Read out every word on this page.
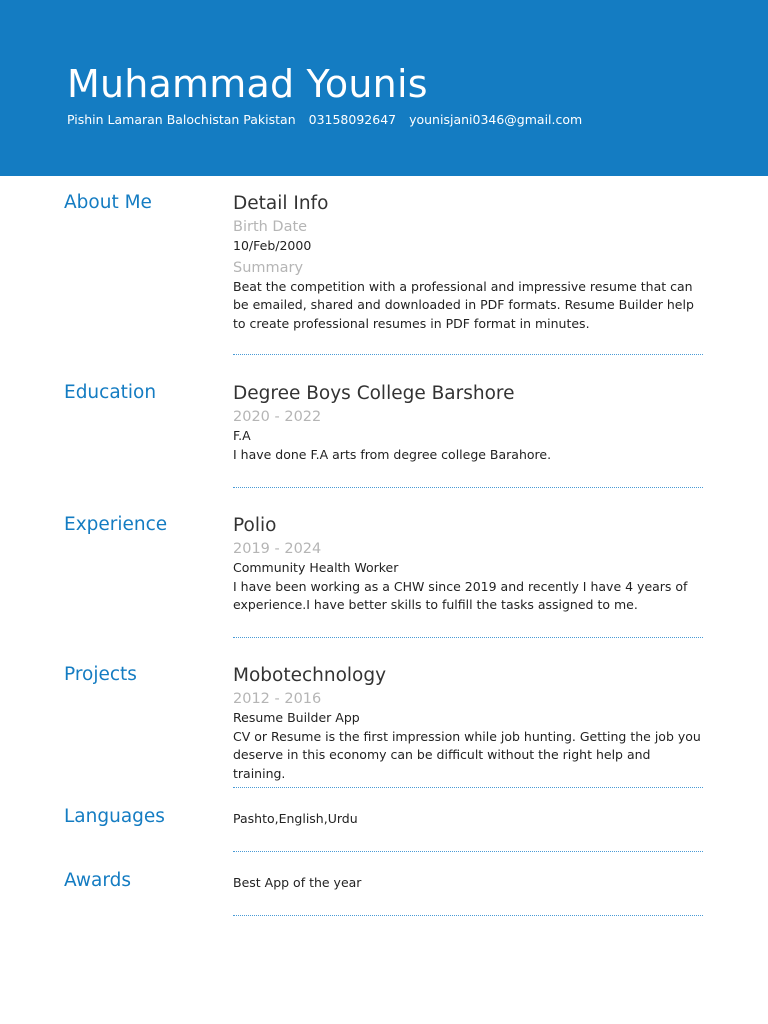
Muhammad Younis
Pishin Lamaran Balochistan Pakistan 03158092647 younisjani0346@gmail.com
About Me	Detail Info
Birth Date
10/Feb/2000
Summary
Beat the competition with a professional and impressive resume that can be emailed, shared and downloaded in PDF formats. Resume Builder help to create professional resumes in PDF format in minutes.
Education	Degree Boys College Barshore
2020 - 2022
F.A
I have done F.A arts from degree college Barahore.
Experience	Polio
2019 - 2024
Community Health Worker
I have been working as a CHW since 2019 and recently I have 4 years of experience.I have better skills to fulfill the tasks assigned to me.
Projects	Mobotechnology
2012 - 2016
Resume Builder App
CV or Resume is the first impression while job hunting. Getting the job you deserve in this economy can be difficult without the right help and training.
Languages	Pashto,English,Urdu
Awards	Best App of the year
